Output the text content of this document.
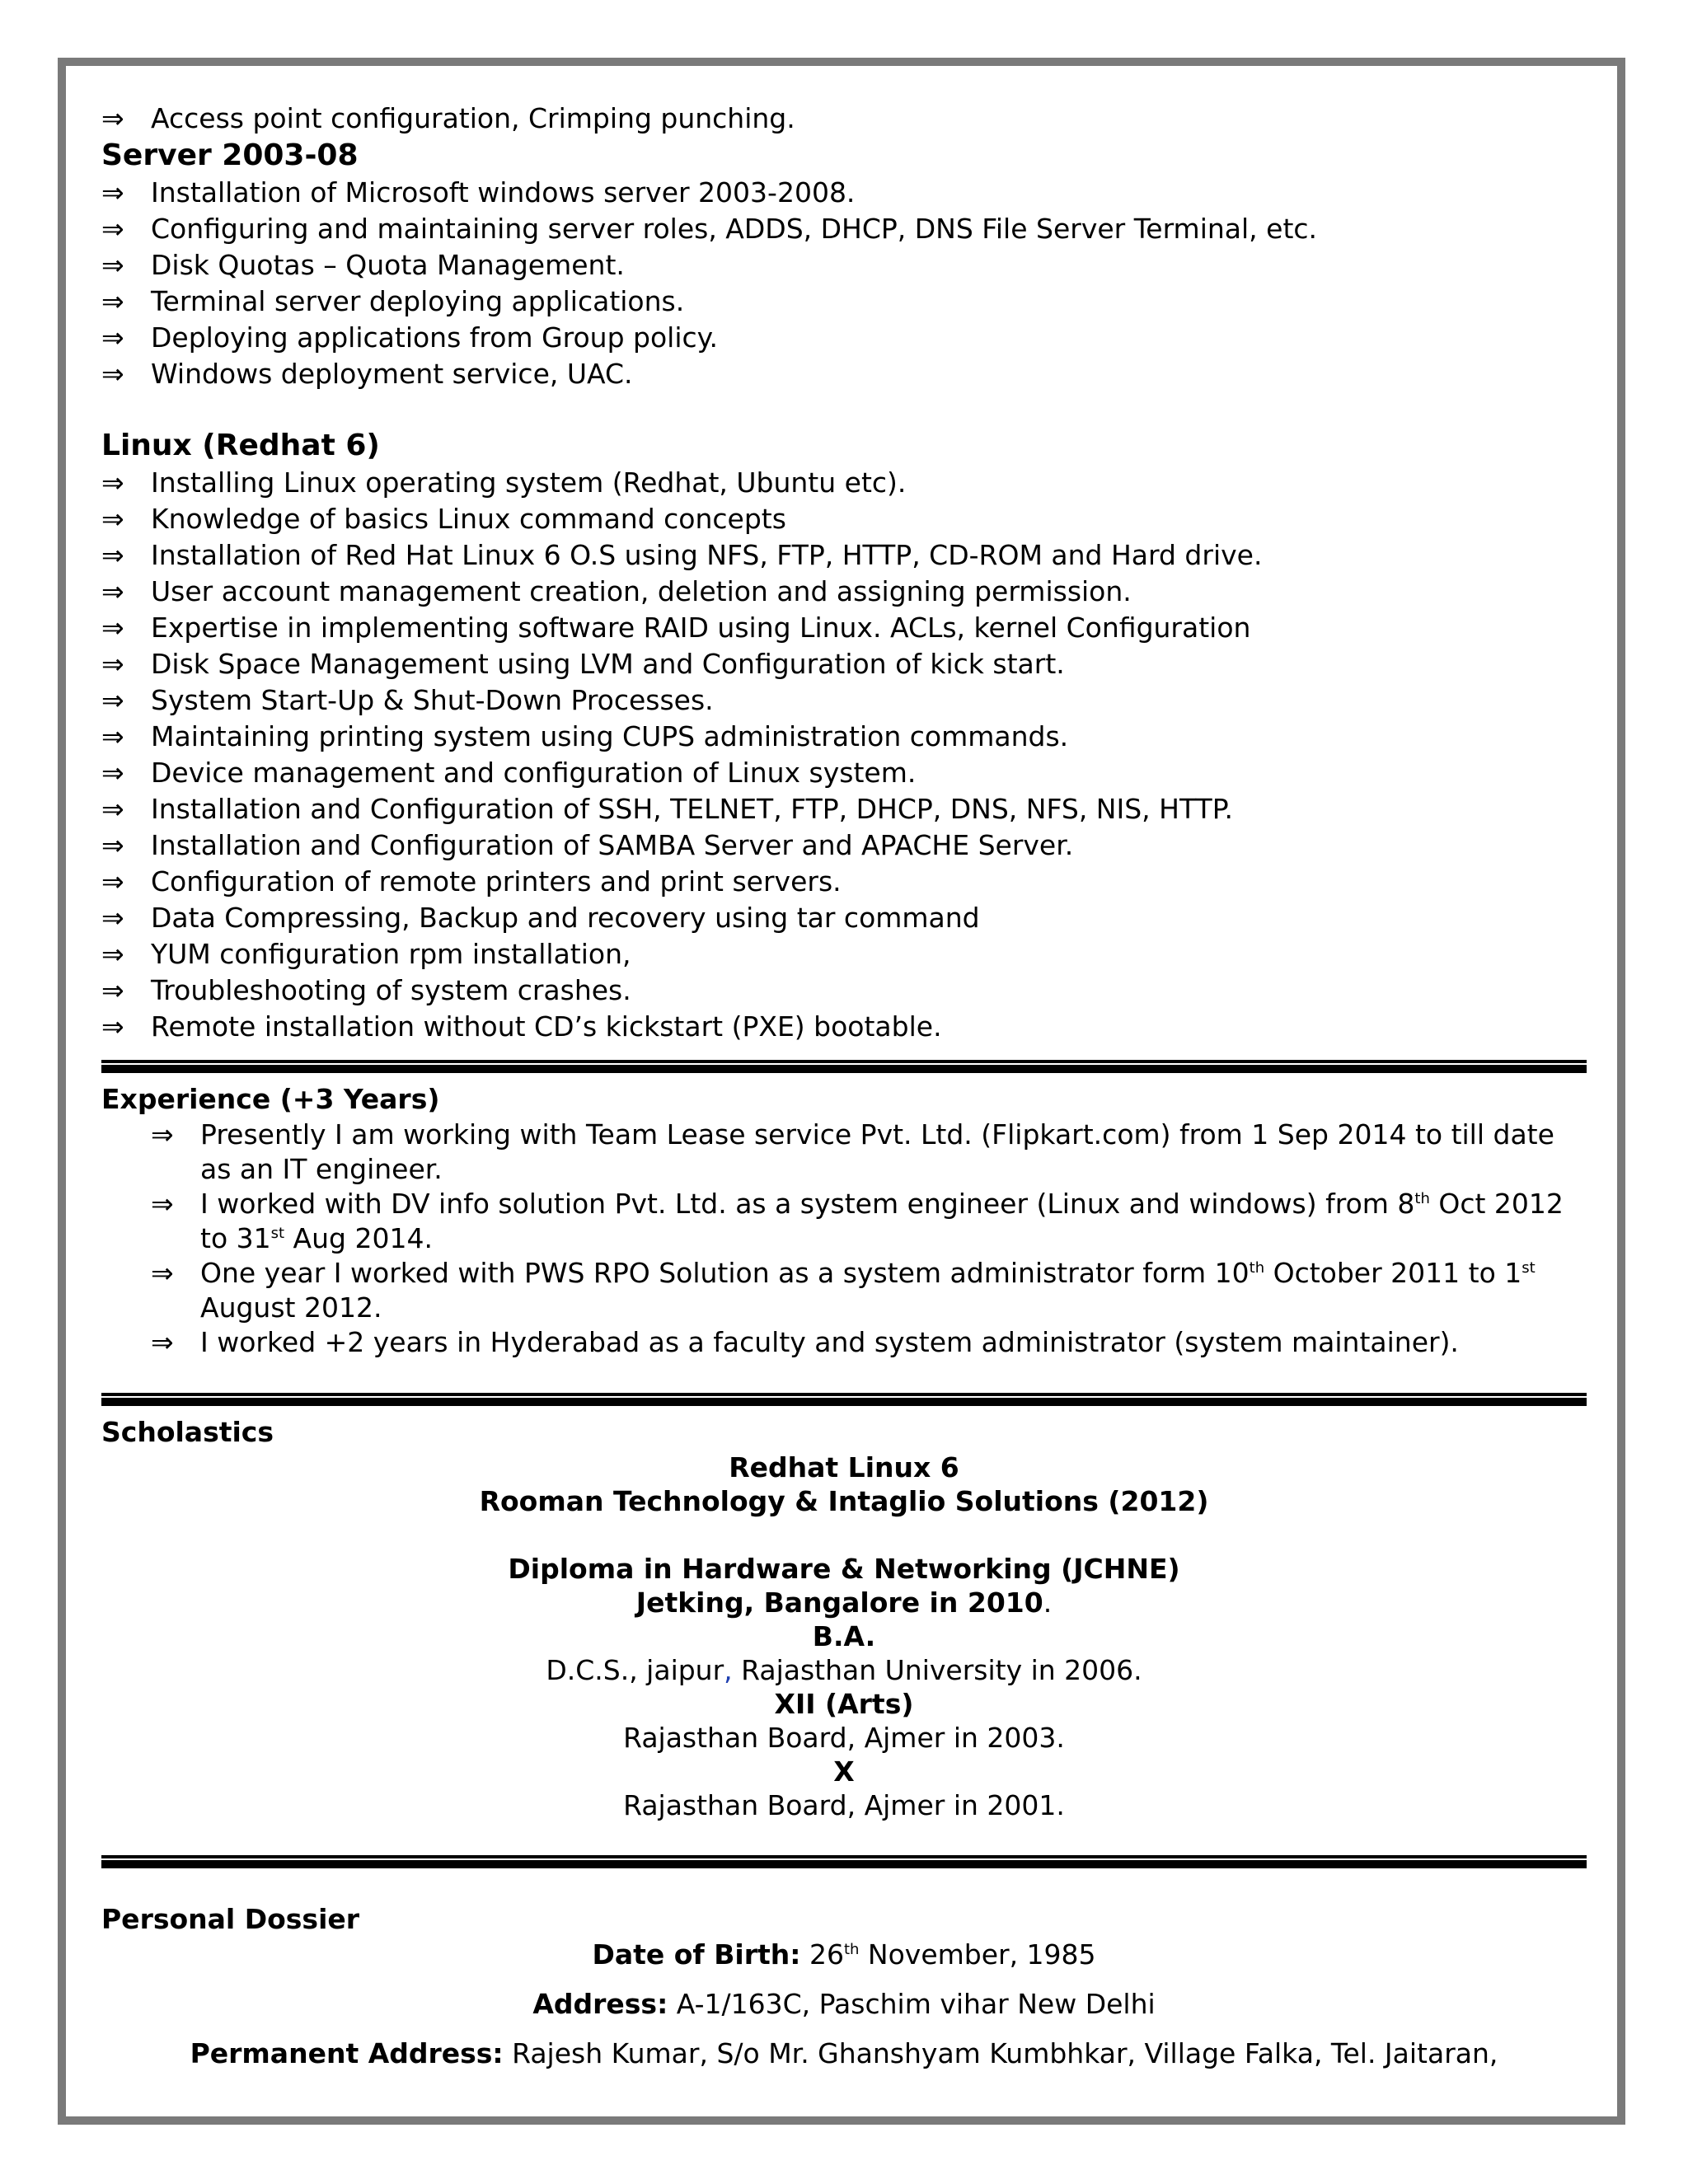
⇒ Access point configuration, Crimping punching.
Server 2003-08
⇒ Installation of Microsoft windows server 2003-2008.
⇒ Configuring and maintaining server roles, ADDS, DHCP, DNS File Server Terminal, etc.
⇒ Disk Quotas – Quota Management.
⇒ Terminal server deploying applications.
⇒ Deploying applications from Group policy.
⇒ Windows deployment service, UAC.
Linux (Redhat 6)
⇒ Installing Linux operating system (Redhat, Ubuntu etc).
⇒ Knowledge of basics Linux command concepts
⇒ Installation of Red Hat Linux 6 O.S using NFS, FTP, HTTP, CD-ROM and Hard drive.
⇒ User account management creation, deletion and assigning permission.
⇒ Expertise in implementing software RAID using Linux. ACLs, kernel Configuration
⇒ Disk Space Management using LVM and Configuration of kick start.
⇒ System Start-Up & Shut-Down Processes.
⇒ Maintaining printing system using CUPS administration commands.
⇒ Device management and configuration of Linux system.
⇒ Installation and Configuration of SSH, TELNET, FTP, DHCP, DNS, NFS, NIS, HTTP.
⇒ Installation and Configuration of SAMBA Server and APACHE Server.
⇒ Configuration of remote printers and print servers.
⇒ Data Compressing, Backup and recovery using tar command
⇒ YUM configuration rpm installation,
⇒ Troubleshooting of system crashes.
⇒ Remote installation without CD’s kickstart (PXE) bootable.
Experience (+3 Years)
⇒ Presently I am working with Team Lease service Pvt. Ltd. (Flipkart.com) from 1 Sep 2014 to till date as an IT engineer.
⇒ I worked with DV info solution Pvt. Ltd. as a system engineer (Linux and windows) from 8th Oct 2012 to 31st Aug 2014.
⇒ One year I worked with PWS RPO Solution as a system administrator form 10th October 2011 to 1st August 2012.
⇒ I worked +2 years in Hyderabad as a faculty and system administrator (system maintainer).
Scholastics
Redhat Linux 6
Rooman Technology & Intaglio Solutions (2012)
Diploma in Hardware & Networking (JCHNE)
Jetking, Bangalore in 2010.
B.A.
D.C.S., jaipur, Rajasthan University in 2006.
XII (Arts)
Rajasthan Board, Ajmer in 2003.
X
Rajasthan Board, Ajmer in 2001.
Personal Dossier
Date of Birth: 26th November, 1985
Address: A-1/163C, Paschim vihar New Delhi
Permanent Address: Rajesh Kumar, S/o Mr. Ghanshyam Kumbhkar, Village Falka, Tel. Jaitaran,
